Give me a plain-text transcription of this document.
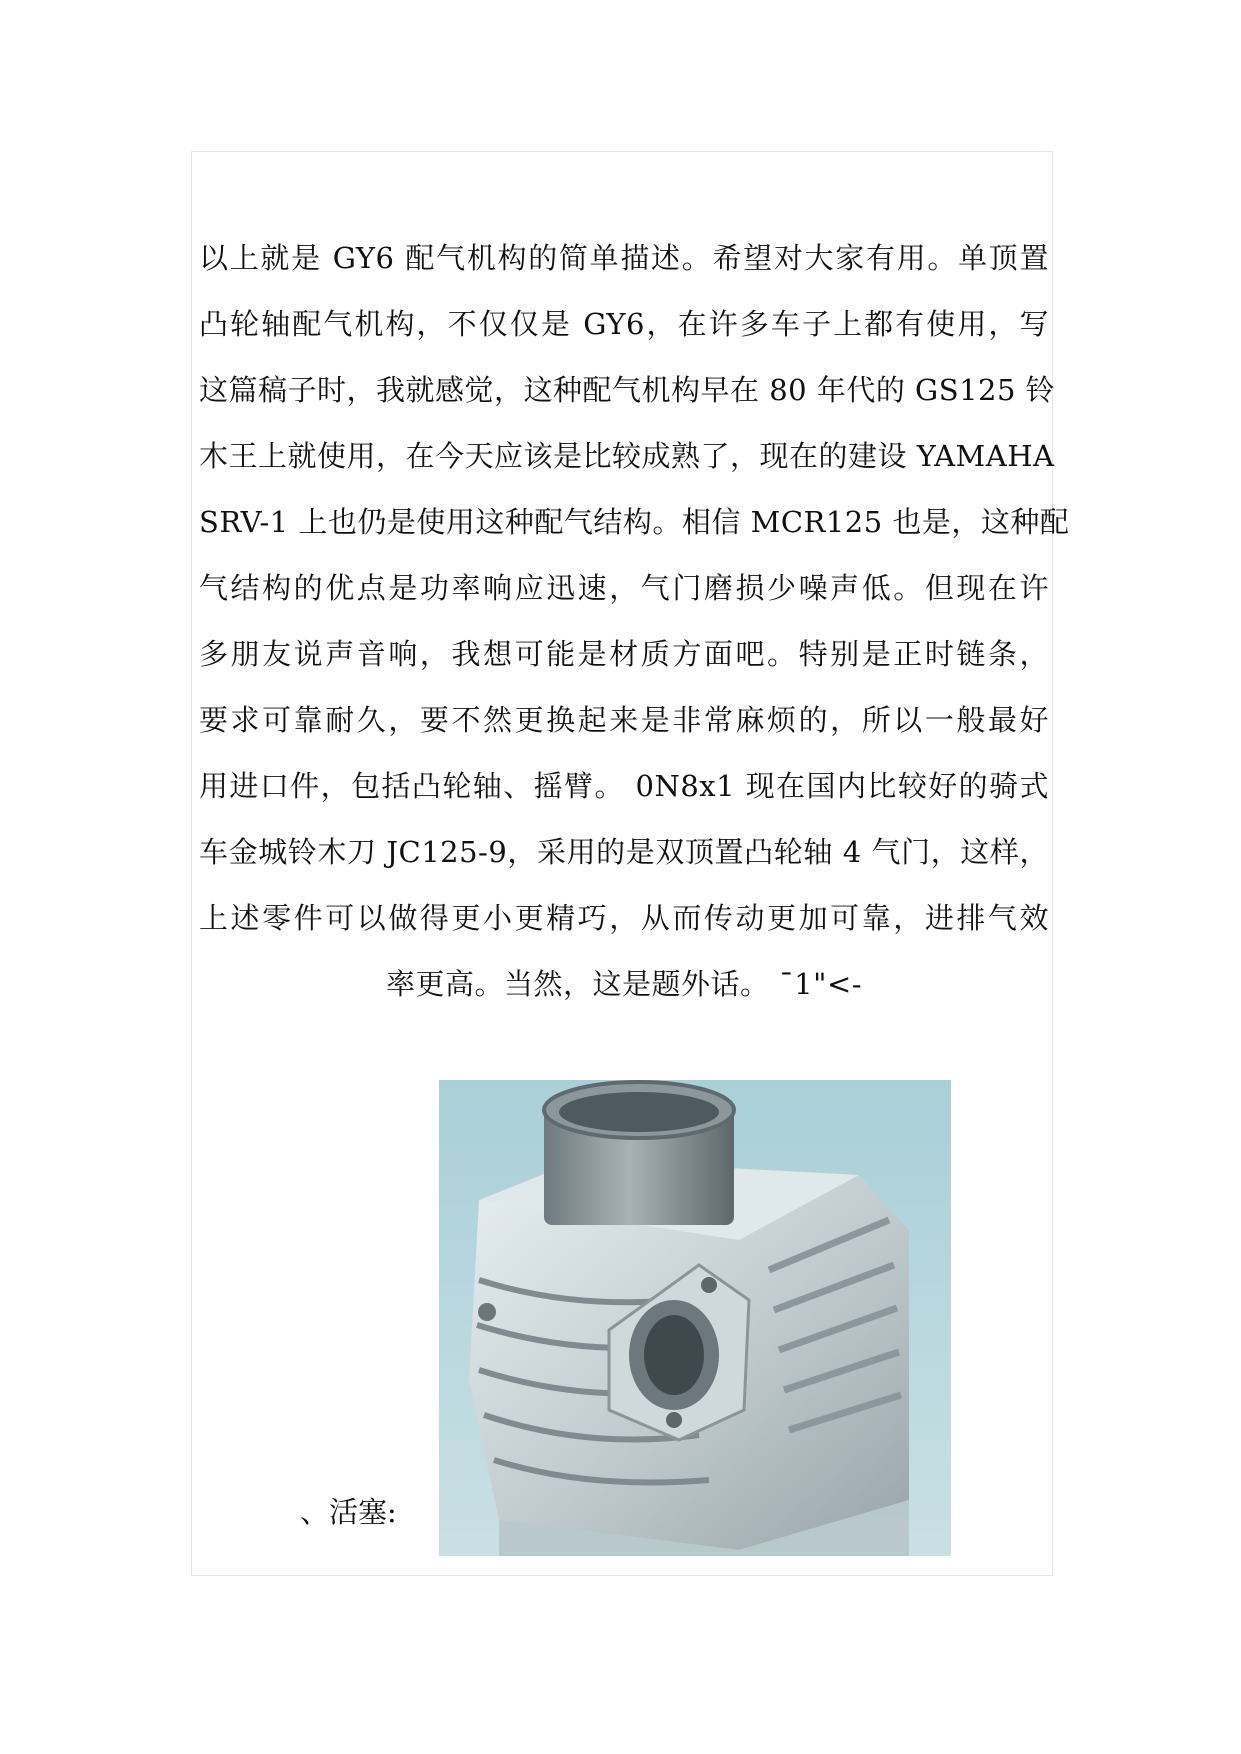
以上就是 GY6 配气机构的简单描述。希望对大家有用。单顶置
凸轮轴配气机构，不仅仅是 GY6，在许多车子上都有使用，写
这篇稿子时，我就感觉，这种配气机构早在 80 年代的 GS125 铃
木王上就使用，在今天应该是比较成熟了，现在的建设 YAMAHA
SRV-1 上也仍是使用这种配气结构。相信 MCR125 也是，这种配
气结构的优点是功率响应迅速，气门磨损少噪声低。但现在许
多朋友说声音响，我想可能是材质方面吧。特别是正时链条，
要求可靠耐久，要不然更换起来是非常麻烦的，所以一般最好
用进口件，包括凸轮轴、摇臂。 0N8x1 现在国内比较好的骑式
车金城铃木刀 JC125-9，采用的是双顶置凸轮轴 4 气门，这样，
上述零件可以做得更小更精巧，从而传动更加可靠，进排气效
率更高。当然，这是题外话。 ¯1"<-
、活塞:
